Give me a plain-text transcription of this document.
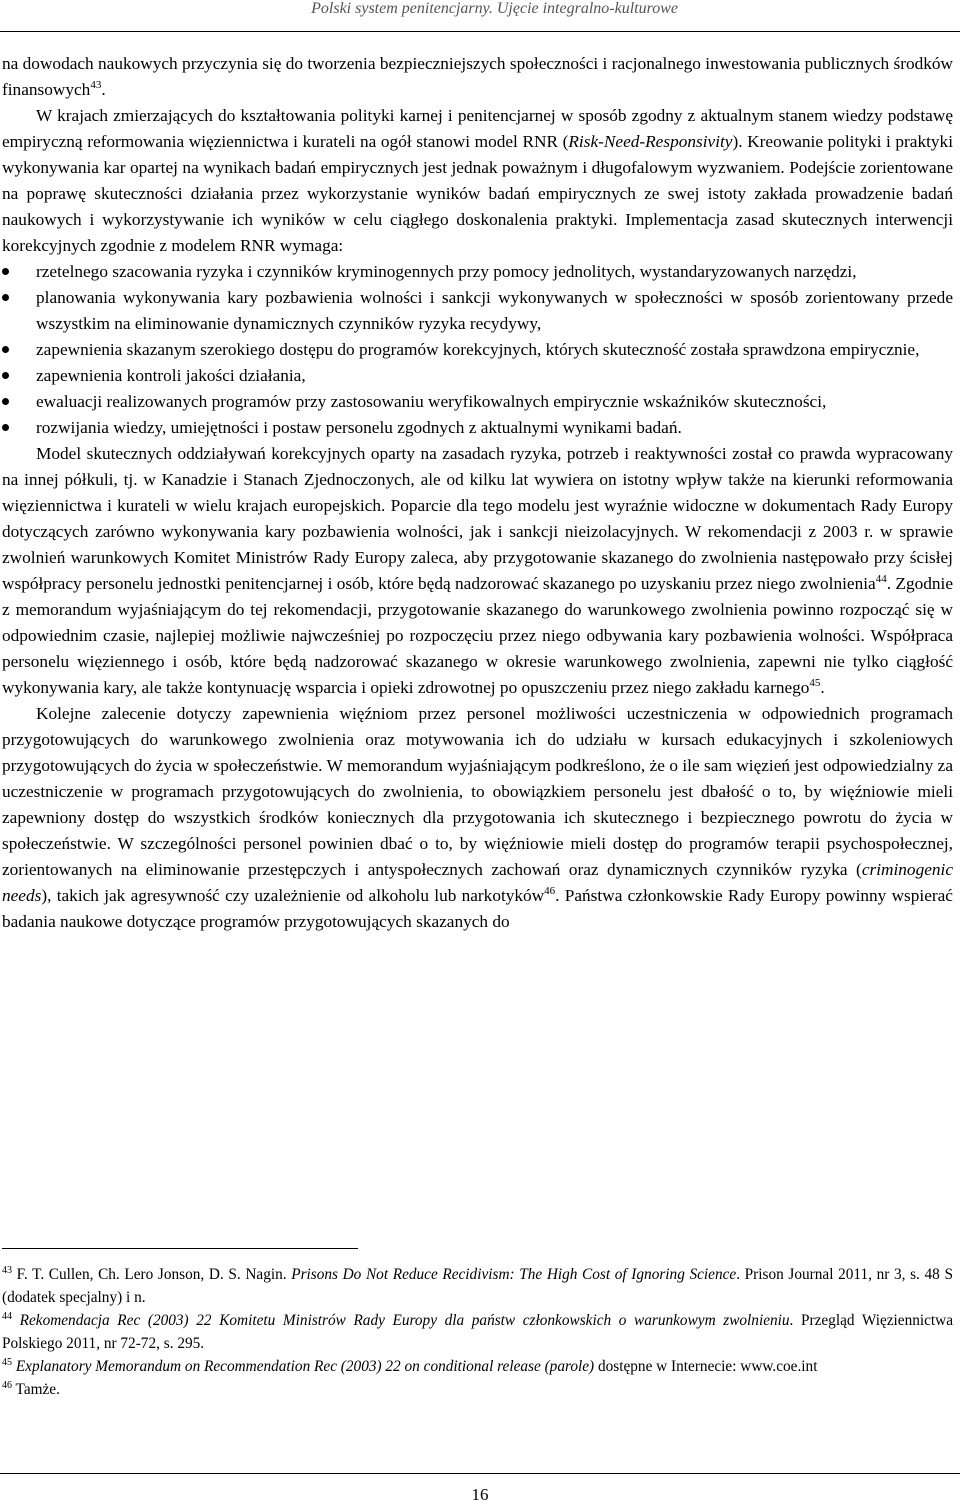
Polski system penitencjarny. Ujęcie integralno-kulturowe

na dowodach naukowych przyczynia się do tworzenia bezpieczniejszych społeczności i racjonalnego inwestowania publicznych środków finansowych$^{43}$.

W krajach zmierzających do kształtowania polityki karnej i penitencjarnej w sposób zgodny z aktualnym stanem wiedzy podstawę empiryczną reformowania więziennictwa i kurateli na ogół stanowi model RNR (Risk-Need-Responsivity). Kreowanie polityki i praktyki wykonywania kar opartej na wynikach badań empirycznych jest jednak poważnym i długofalowym wyzwaniem. Podejście zorientowane na poprawę skuteczności działania przez wykorzystanie wyników badań empirycznych ze swej istoty zakłada prowadzenie badań naukowych i wykorzystywanie ich wyników w celu ciągłego doskonalenia praktyki. Implementacja zasad skutecznych interwencji korekcyjnych zgodnie z modelem RNR wymaga:

rzetelnego szacowania ryzyka i czynników kryminogennych przy pomocy jednolitych, wystandaryzowanych narzędzi,
planowania wykonywania kary pozbawienia wolności i sankcji wykonywanych w społeczności w sposób zorientowany przede wszystkim na eliminowanie dynamicznych czynników ryzyka recydywy,
zapewnienia skazanym szerokiego dostępu do programów korekcyjnych, których skuteczność została sprawdzona empirycznie,
zapewnienia kontroli jakości działania,
ewaluacji realizowanych programów przy zastosowaniu weryfikowalnych empirycznie wskaźników skuteczności,
rozwijania wiedzy, umiejętności i postaw personelu zgodnych z aktualnymi wynikami badań.

Model skutecznych oddziaływań korekcyjnych oparty na zasadach ryzyka, potrzeb i reaktywności został co prawda wypracowany na innej półkuli, tj. w Kanadzie i Stanach Zjednoczonych, ale od kilku lat wywiera on istotny wpływ także na kierunki reformowania więziennictwa i kurateli w wielu krajach europejskich. Poparcie dla tego modelu jest wyraźnie widoczne w dokumentach Rady Europy dotyczących zarówno wykonywania kary pozbawienia wolności, jak i sankcji nieizolacyjnych. W rekomendacji z 2003 r. w sprawie zwolnień warunkowych Komitet Ministrów Rady Europy zaleca, aby przygotowanie skazanego do zwolnienia następowało przy ścisłej współpracy personelu jednostki penitencjarnej i osób, które będą nadzorować skazanego po uzyskaniu przez niego zwolnienia$^{44}$. Zgodnie z memorandum wyjaśniającym do tej rekomendacji, przygotowanie skazanego do warunkowego zwolnienia powinno rozpocząć się w odpowiednim czasie, najlepiej możliwie najwcześniej po rozpoczęciu przez niego odbywania kary pozbawienia wolności. Współpraca personelu więziennego i osób, które będą nadzorować skazanego w okresie warunkowego zwolnienia, zapewni nie tylko ciągłość wykonywania kary, ale także kontynuację wsparcia i opieki zdrowotnej po opuszczeniu przez niego zakładu karnego$^{45}$.

Kolejne zalecenie dotyczy zapewnienia więźniom przez personel możliwości uczestniczenia w odpowiednich programach przygotowujących do warunkowego zwolnienia oraz motywowania ich do udziału w kursach edukacyjnych i szkoleniowych przygotowujących do życia w społeczeństwie. W memorandum wyjaśniającym podkreślono, że o ile sam więzień jest odpowiedzialny za uczestniczenie w programach przygotowujących do zwolnienia, to obowiązkiem personelu jest dbałość o to, by więźniowie mieli zapewniony dostęp do wszystkich środków koniecznych dla przygotowania ich skutecznego i bezpiecznego powrotu do życia w społeczeństwie. W szczególności personel powinien dbać o to, by więźniowie mieli dostęp do programów terapii psychospołecznej, zorientowanych na eliminowanie przestępczych i antyspołecznych zachowań oraz dynamicznych czynników ryzyka (criminogenic needs), takich jak agresywność czy uzależnienie od alkoholu lub narkotyków$^{46}$. Państwa członkowskie Rady Europy powinny wspierać badania naukowe dotyczące programów przygotowujących skazanych do

$^{43}$ F. T. Cullen, Ch. Lero Jonson, D. S. Nagin. Prisons Do Not Reduce Recidivism: The High Cost of Ignoring Science. Prison Journal 2011, nr 3, s. 48 S (dodatek specjalny) i n.

$^{44}$ Rekomendacja Rec (2003) 22 Komitetu Ministrów Rady Europy dla państw członkowskich o warunkowym zwolnieniu. Przegląd Więziennictwa Polskiego 2011, nr 72-72, s. 295.

$^{45}$ Explanatory Memorandum on Recommendation Rec (2003) 22 on conditional release (parole) dostępne w Internecie: www.coe.int

$^{46}$ Tamże.

16
